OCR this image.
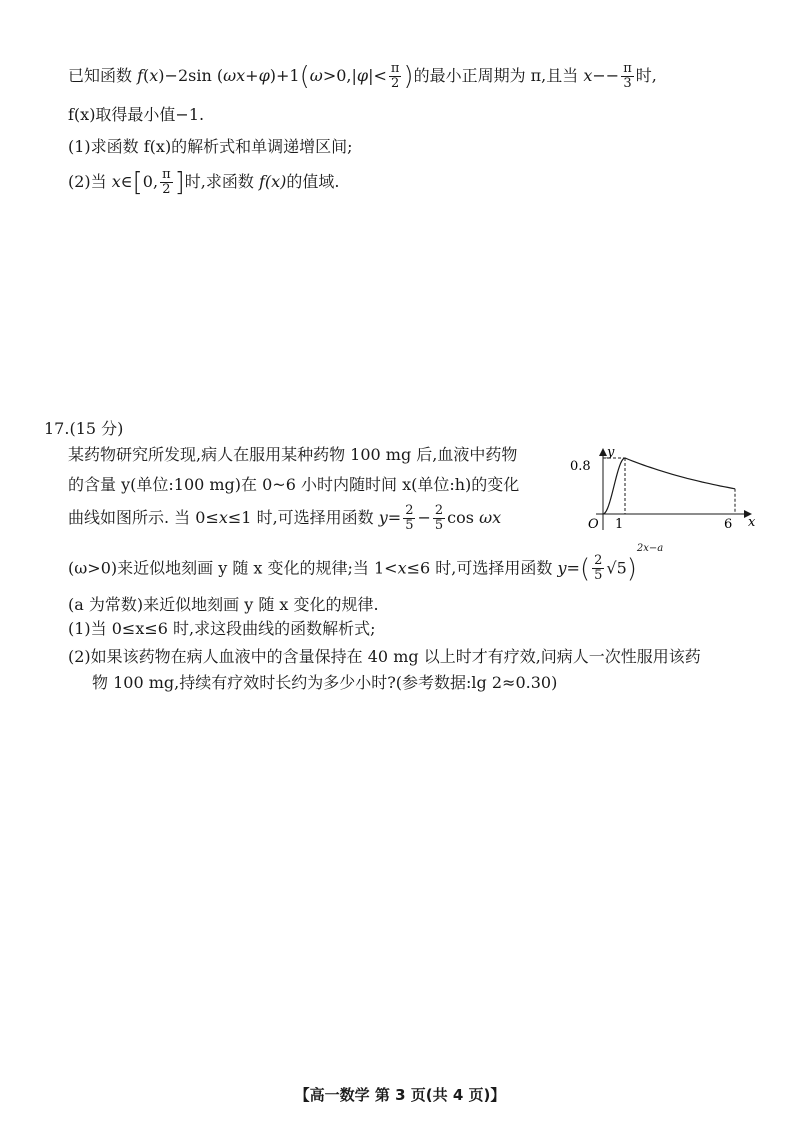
已知函数 f(x)−2sin $(\omega x+\varphi)+1(\omega>0,|\varphi|< \frac{\pi}{2}$ )的最小正周期为 π,且当 $x-- \frac{\pi}{3}$ 时,
f(x)取得最小值−1.
(1)求函数 f(x)的解析式和单调递增区间;
(2)当 x∈[0, $\frac{\pi}{2}$ ]时,求函数 f(x)的值域.
17.(15 分)
某药物研究所发现,病人在服用某种药物 100 mg 后,血液中药物
的含量 y(单位:100 mg)在 0~6 小时内随时间 x(单位:h)的变化
曲线如图所示. 当 0≤x≤1 时,可选择用函数 $y= \frac{2}{5} - \frac{2}{5}$ cos ωx
(ω>0)来近似地刻画 y 随 x 变化的规律;当 1<x≤6 时,可选择用函数 $y=( \frac{2}{5} √5)^{2x-a}$
(a 为常数)来近似地刻画 y 随 x 变化的规律.
(1)当 0≤x≤6 时,求这段曲线的函数解析式;
(2)如果该药物在病人血液中的含量保持在 40 mg 以上时才有疗效,问病人一次性服用该药
物 100 mg,持续有疗效时长约为多少小时?(参考数据:lg 2≈0.30)
y
x
O
0.8
1	6
【高一数学 第 3 页(共 4 页)】
